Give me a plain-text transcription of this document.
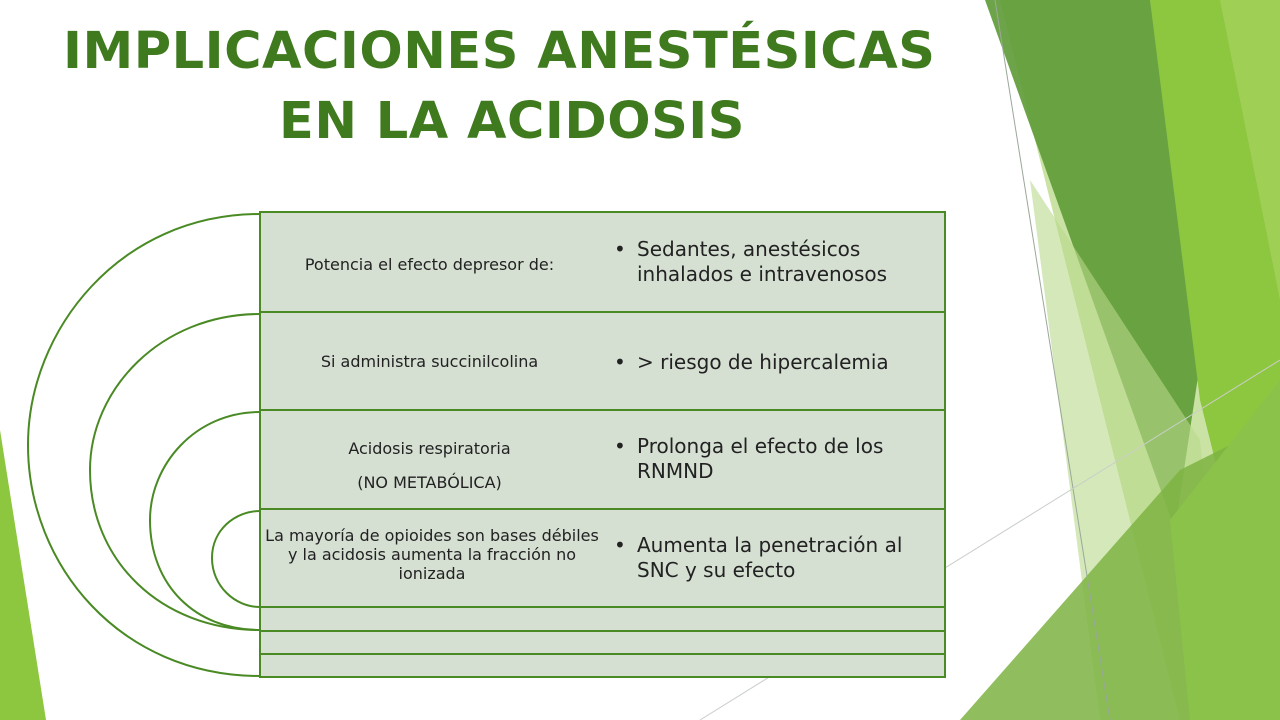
IMPLICACIONES ANESTÉSICAS
EN LA ACIDOSIS
Potencia el efecto depresor de:
• Sedantes, anestésicos inhalados e intravenosos
Si administra succinilcolina	• > riesgo de hipercalemia
Acidosis respiratoria
(NO METABÓLICA)
• Prolonga el efecto de los RNMND
La mayoría de opioides son bases débiles y la acidosis aumenta la fracción no ionizada
• Aumenta la penetración al SNC y su efecto
